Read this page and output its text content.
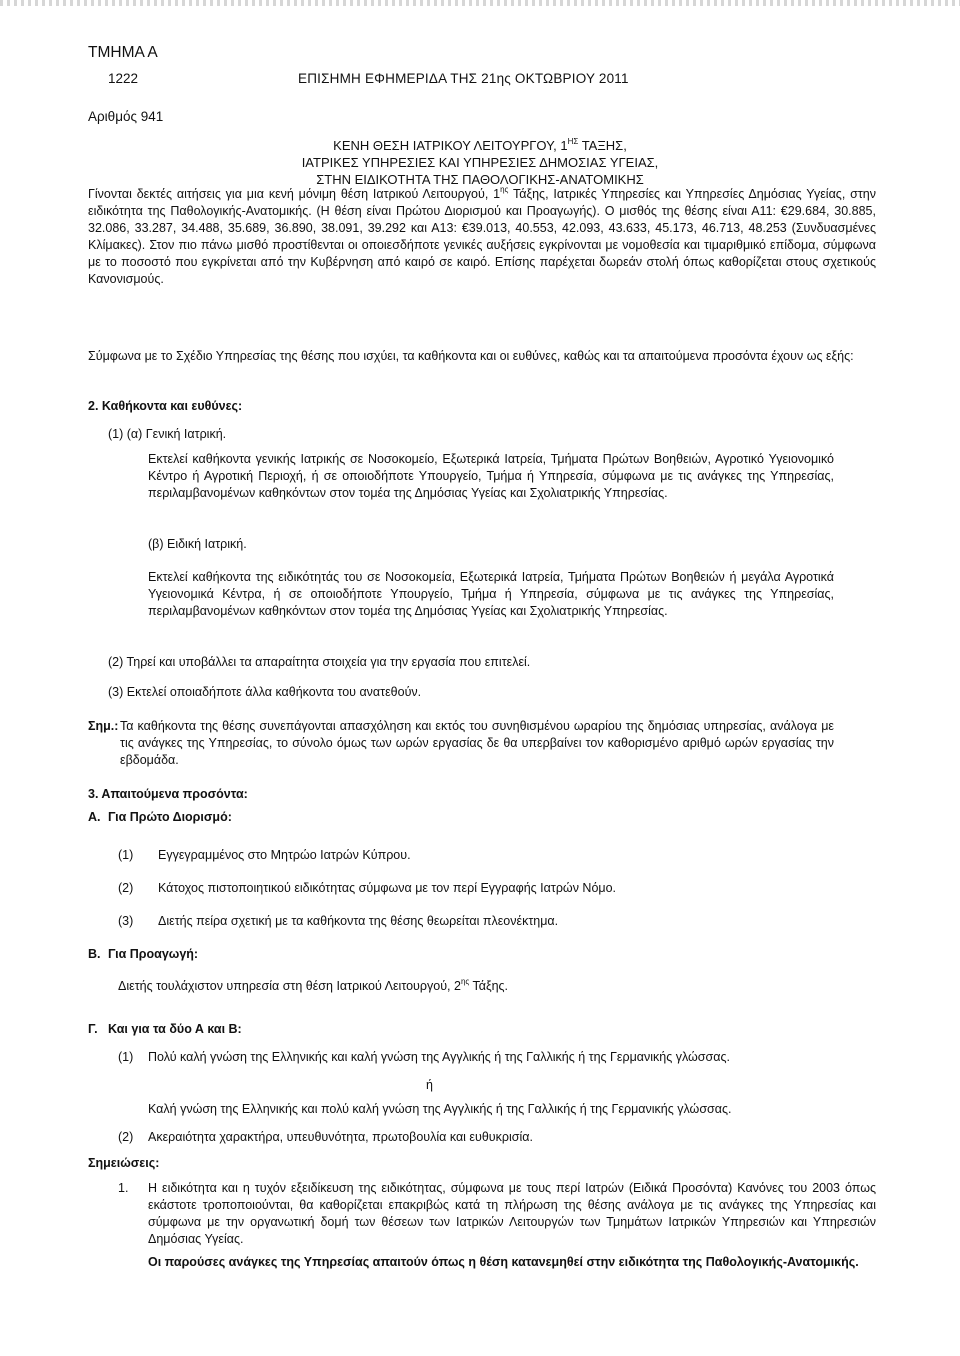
ΤΜΗΜΑ Α
1222	ΕΠΙΣΗΜΗ ΕΦΗΜΕΡΙΔΑ ΤΗΣ 21ης ΟΚΤΩΒΡΙΟΥ 2011
Αριθμός 941
ΚΕΝΗ ΘΕΣΗ ΙΑΤΡΙΚΟΥ ΛΕΙΤΟΥΡΓΟΥ, $1^{H\Sigma}$ ΤΑΞΗΣ,
ΙΑΤΡΙΚΕΣ ΥΠΗΡΕΣΙΕΣ ΚΑΙ ΥΠΗΡΕΣΙΕΣ ΔΗΜΟΣΙΑΣ ΥΓΕΙΑΣ,
ΣΤΗΝ ΕΙΔΙΚΟΤΗΤΑ ΤΗΣ ΠΑΘΟΛΟΓΙΚΗΣ-ΑΝΑΤΟΜΙΚΗΣ
Γίνονται δεκτές αιτήσεις για μια κενή μόνιμη θέση Ιατρικού Λειτουργού, $1^{\eta\varsigma}$ Τάξης, Ιατρικές Υπηρεσίες και Υπηρεσίες Δημόσιας Υγείας, στην ειδικότητα της Παθολογικής-Ανατομικής. (Η θέση είναι Πρώτου Διορισμού και Προαγωγής). Ο μισθός της θέσης είναι Α11: €29.684, 30.885, 32.086, 33.287, 34.488, 35.689, 36.890, 38.091, 39.292 και Α13: €39.013, 40.553, 42.093, 43.633, 45.173, 46.713, 48.253 (Συνδυασμένες Κλίμακες). Στον πιο πάνω μισθό προστίθενται οι οποιεσδήποτε γενικές αυξήσεις εγκρίνονται με νομοθεσία και τιμαριθμικό επίδομα, σύμφωνα με το ποσοστό που εγκρίνεται από την Κυβέρνηση από καιρό σε καιρό. Επίσης παρέχεται δωρεάν στολή όπως καθορίζεται στους σχετικούς Κανονισμούς.
Σύμφωνα με το Σχέδιο Υπηρεσίας της θέσης που ισχύει, τα καθήκοντα και οι ευθύνες, καθώς και τα απαιτούμενα προσόντα έχουν ως εξής:
2. Καθήκοντα και ευθύνες:
(1) (α) Γενική Ιατρική.
Εκτελεί καθήκοντα γενικής Ιατρικής σε Νοσοκομείο, Εξωτερικά Ιατρεία, Τμήματα Πρώτων Βοηθειών, Αγροτικό Υγειονομικό Κέντρο ή Αγροτική Περιοχή, ή σε οποιοδήποτε Υπουργείο, Τμήμα ή Υπηρεσία, σύμφωνα με τις ανάγκες της Υπηρεσίας, περιλαμβανομένων καθηκόντων στον τομέα της Δημόσιας Υγείας και Σχολιατρικής Υπηρεσίας.
(β) Ειδική Ιατρική.
Εκτελεί καθήκοντα της ειδικότητάς του σε Νοσοκομεία, Εξωτερικά Ιατρεία, Τμήματα Πρώτων Βοηθειών ή μεγάλα Αγροτικά Υγειονομικά Κέντρα, ή σε οποιοδήποτε Υπουργείο, Τμήμα ή Υπηρεσία, σύμφωνα με τις ανάγκες της Υπηρεσίας, περιλαμβανομένων καθηκόντων στον τομέα της Δημόσιας Υγείας και Σχολιατρικής Υπηρεσίας.
(2) Τηρεί και υποβάλλει τα απαραίτητα στοιχεία για την εργασία που επιτελεί.
(3) Εκτελεί οποιαδήποτε άλλα καθήκοντα του ανατεθούν.
Σημ.: Τα καθήκοντα της θέσης συνεπάγονται απασχόληση και εκτός του συνηθισμένου ωραρίου της δημόσιας υπηρεσίας, ανάλογα με τις ανάγκες της Υπηρεσίας, το σύνολο όμως των ωρών εργασίας δε θα υπερβαίνει τον καθορισμένο αριθμό ωρών εργασίας την εβδομάδα.
3. Απαιτούμενα προσόντα:
Α. Για Πρώτο Διορισμό:
(1) Εγγεγραμμένος στο Μητρώο Ιατρών Κύπρου.
(2) Κάτοχος πιστοποιητικού ειδικότητας σύμφωνα με τον περί Εγγραφής Ιατρών Νόμο.
(3) Διετής πείρα σχετική με τα καθήκοντα της θέσης θεωρείται πλεονέκτημα.
Β. Για Προαγωγή:
Διετής τουλάχιστον υπηρεσία στη θέση Ιατρικού Λειτουργού, $2^{\eta\varsigma}$ Τάξης.
Γ. Και για τα δύο Α και Β:
(1) Πολύ καλή γνώση της Ελληνικής και καλή γνώση της Αγγλικής ή της Γαλλικής ή της Γερμανικής γλώσσας.
ή
Καλή γνώση της Ελληνικής και πολύ καλή γνώση της Αγγλικής ή της Γαλλικής ή της Γερμανικής γλώσσας.
(2) Ακεραιότητα χαρακτήρα, υπευθυνότητα, πρωτοβουλία και ευθυκρισία.
Σημειώσεις:
1. Η ειδικότητα και η τυχόν εξειδίκευση της ειδικότητας, σύμφωνα με τους περί Ιατρών (Ειδικά Προσόντα) Κανόνες του 2003 όπως εκάστοτε τροποποιούνται, θα καθορίζεται επακριβώς κατά τη πλήρωση της θέσης ανάλογα με τις ανάγκες της Υπηρεσίας και σύμφωνα με την οργανωτική δομή των θέσεων των Ιατρικών Λειτουργών των Τμημάτων Ιατρικών Υπηρεσιών και Υπηρεσιών Δημόσιας Υγείας.
Οι παρούσες ανάγκες της Υπηρεσίας απαιτούν όπως η θέση κατανεμηθεί στην ειδικότητα της Παθολογικής-Ανατομικής.
